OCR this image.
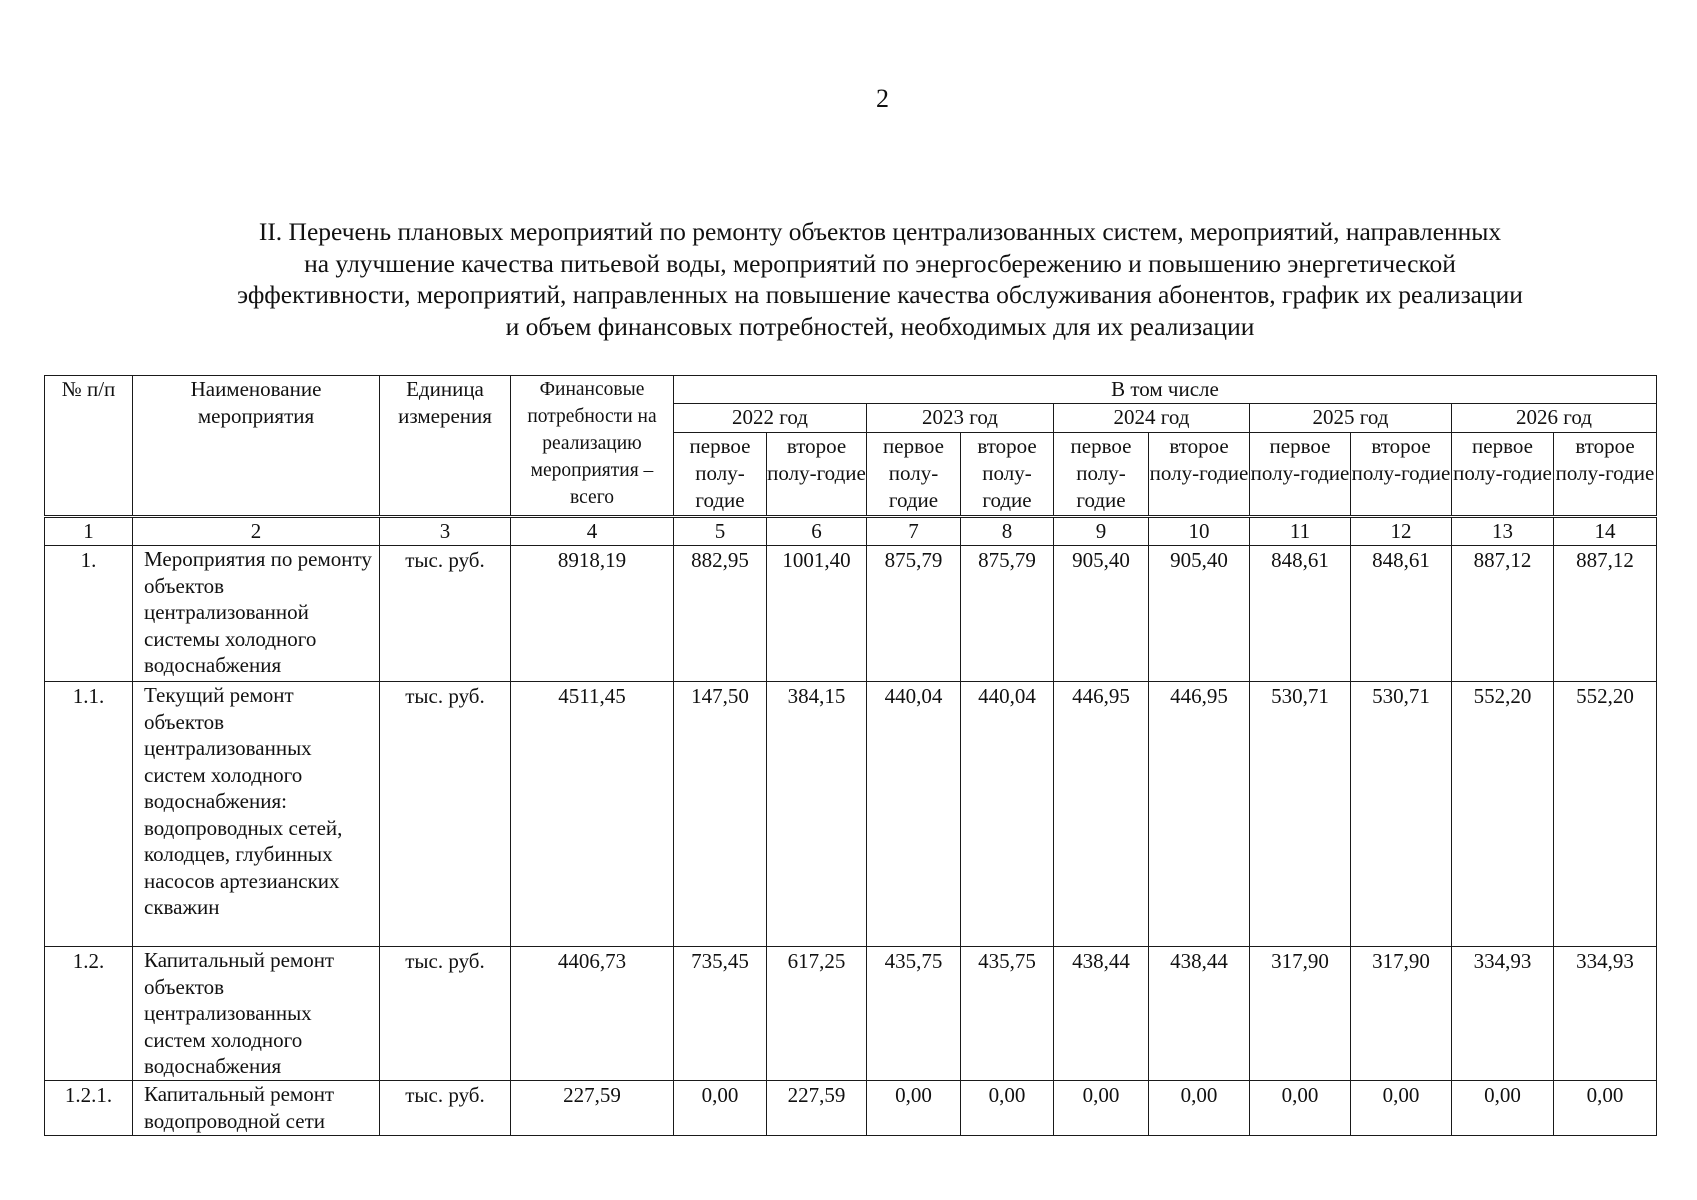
2
II. Перечень плановых мероприятий по ремонту объектов централизованных систем, мероприятий, направленных
на улучшение качества питьевой воды, мероприятий по энергосбережению и повышению энергетической
эффективности, мероприятий, направленных на повышение качества обслуживания абонентов, график их реализации
и объем финансовых потребностей, необходимых для их реализации
№ п/п	Наименование мероприятия	Единица измерения	Финансовые потребности на реализацию мероприятия – всего	В том числе									
				2022 год		2023 год		2024 год		2025 год		2026 год	
				первое полу-годие	второе полу-годие	первое полу-годие	второе полу-годие	первое полу-годие	второе полу-годие	первое полу-годие	второе полу-годие	первое полу-годие	второе полу-годие
1	2	3	4	5	6	7	8	9	10	11	12	13	14
1.	Мероприятия по ремонту объектов централизованной системы холодного водоснабжения	тыс. руб.	8918,19	882,95	1001,40	875,79	875,79	905,40	905,40	848,61	848,61	887,12	887,12
1.1.	Текущий ремонт объектов централизованных систем холодного водоснабжения: водопроводных сетей, колодцев, глубинных насосов артезианских скважин	тыс. руб.	4511,45	147,50	384,15	440,04	440,04	446,95	446,95	530,71	530,71	552,20	552,20
1.2.	Капитальный ремонт объектов централизованных систем холодного водоснабжения	тыс. руб.	4406,73	735,45	617,25	435,75	435,75	438,44	438,44	317,90	317,90	334,93	334,93
1.2.1.	Капитальный ремонт водопроводной сети	тыс. руб.	227,59	0,00	227,59	0,00	0,00	0,00	0,00	0,00	0,00	0,00	0,00
